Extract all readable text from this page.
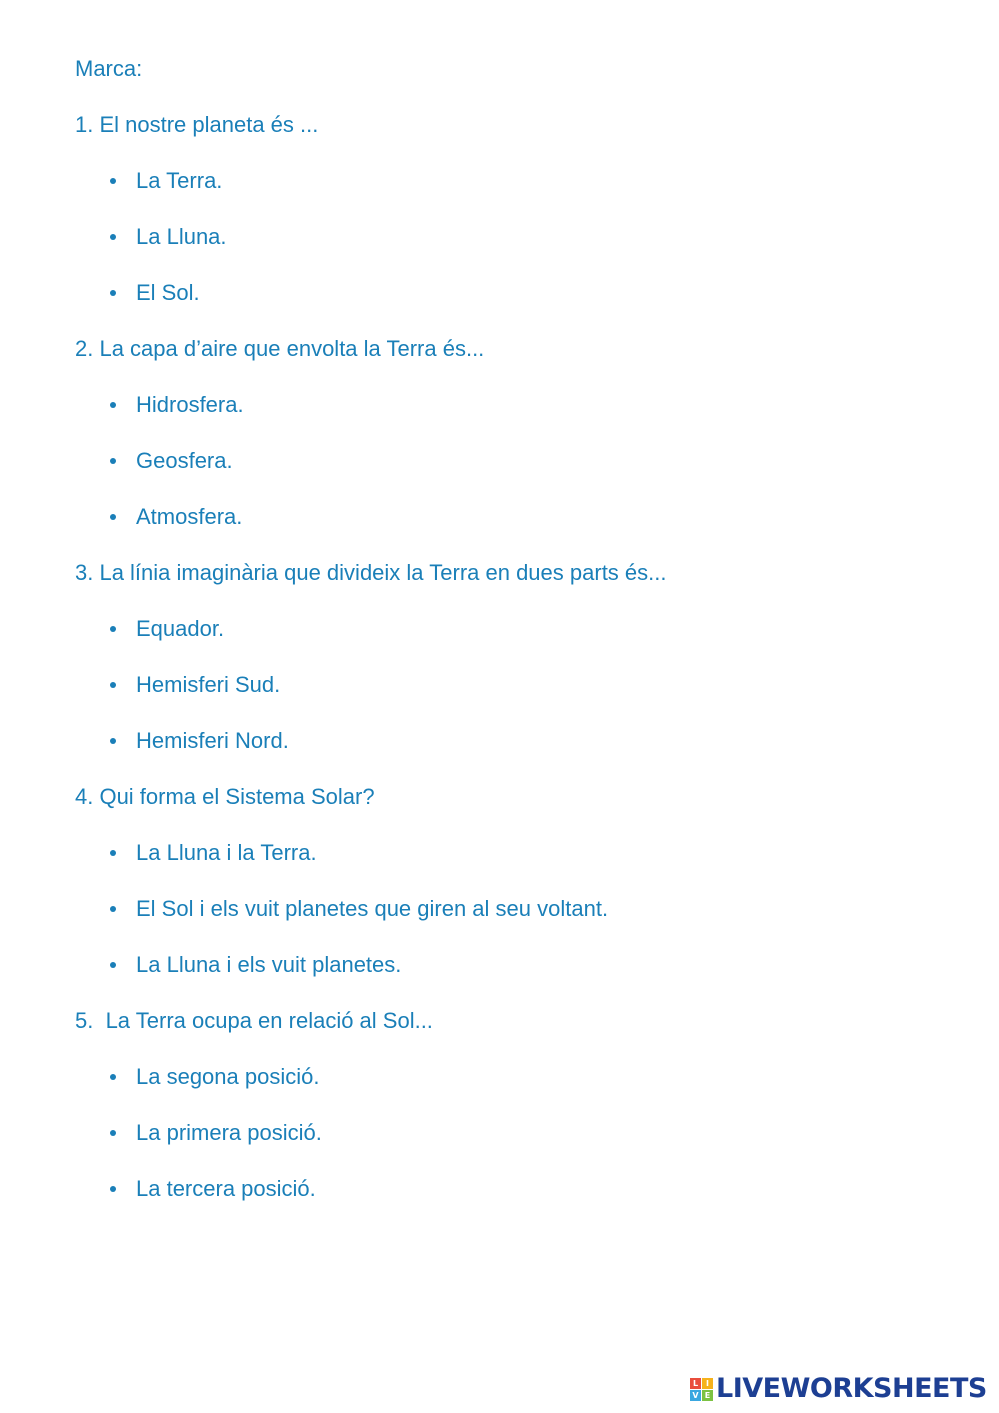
Marca:
1. El nostre planeta és ...
La Terra.
La Lluna.
El Sol.
2. La capa d’aire que envolta la Terra és...
Hidrosfera.
Geosfera.
Atmosfera.
3. La línia imaginària que divideix la Terra en dues parts és...
Equador.
Hemisferi Sud.
Hemisferi Nord.
4. Qui forma el Sistema Solar?
La Lluna i la Terra.
El Sol i els vuit planetes que giren al seu voltant.
La Lluna i els vuit planetes.
5.  La Terra ocupa en relació al Sol...
La segona posició.
La primera posició.
La tercera posició.
L I
V E LIVEWORKSHEETS
